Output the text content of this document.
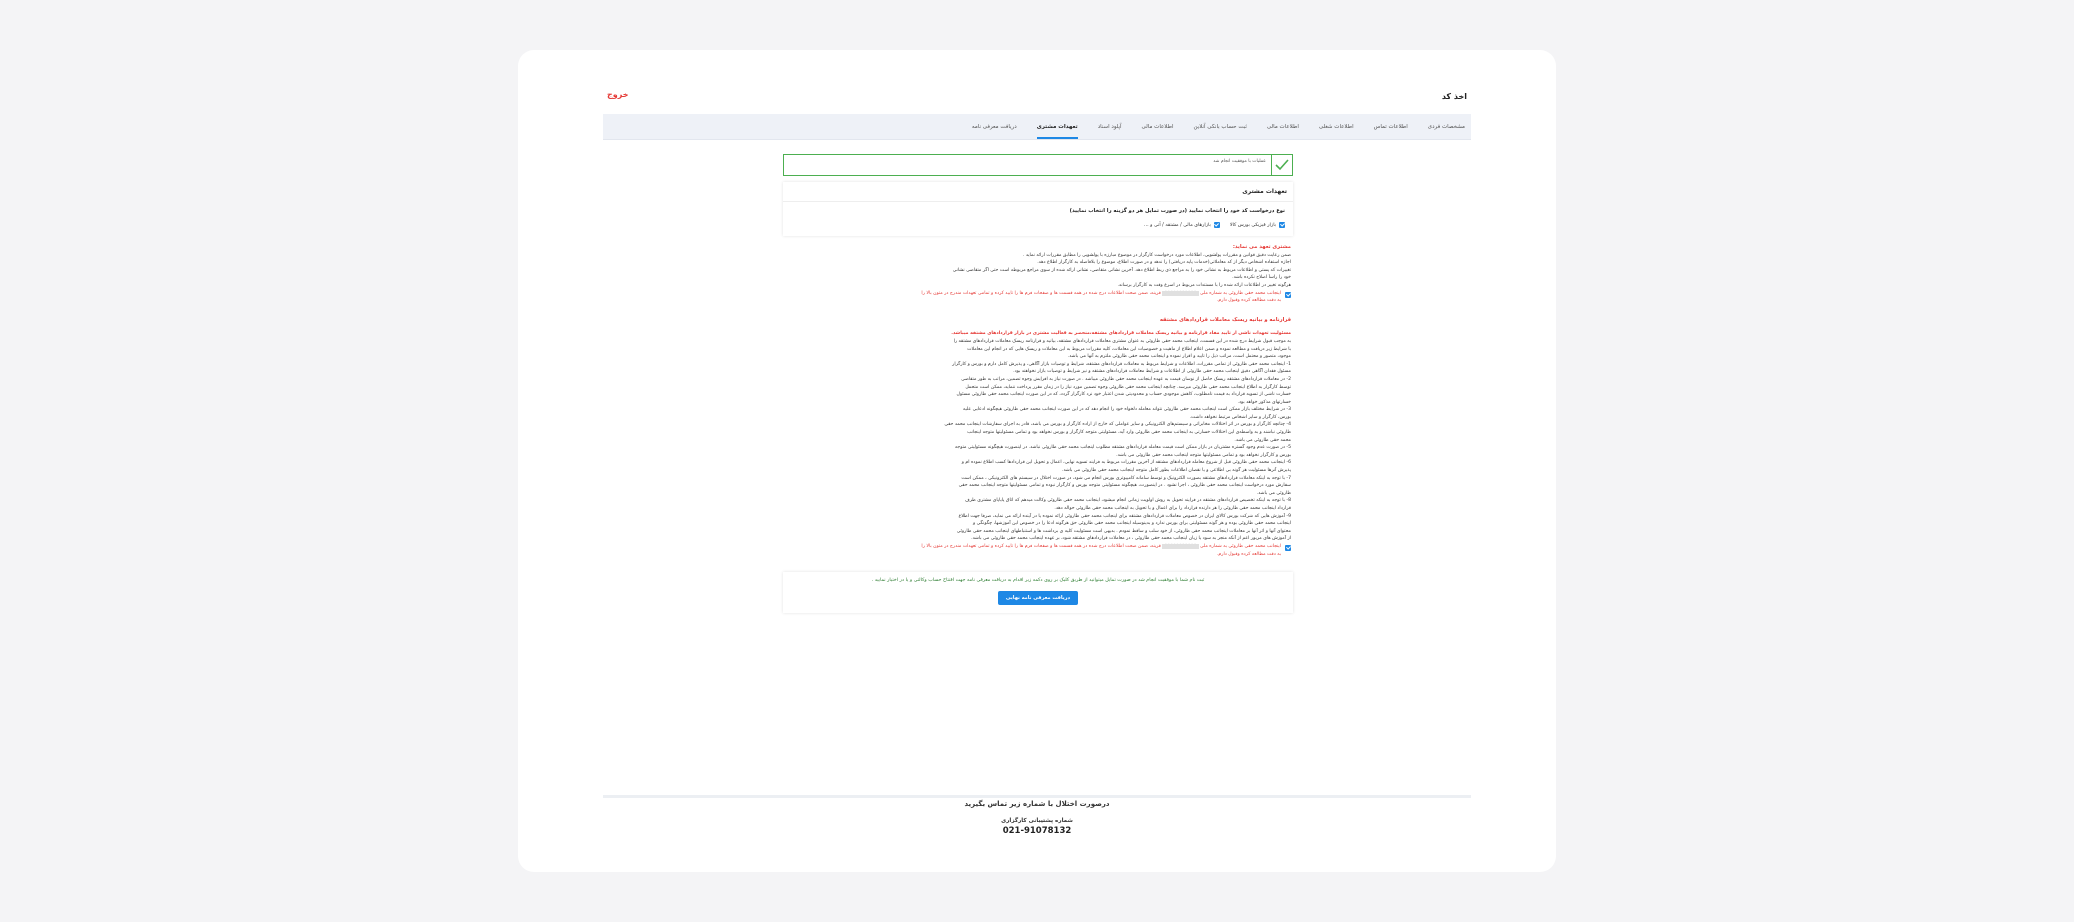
اخذ کد
خروج
مشخصات فردی
اطلاعات تماس
اطلاعات شغلی
اطلاعات مالی
ثبت حساب بانکی آنلاین
اطلاعات مالی
آپلود اسناد
تعهدات مشتری
دریافت معرفی نامه
عملیات با موفقیت انجام شد
تعهدات مشتری
نوع درخواست کد خود را انتخاب نمایید (در صورت تمایل هر دو گزینه را انتخاب نمایید)
بازار فیزیکی بورس کالا
بازارهای مالی / مشتقه / آتی و ...
مشتری تعهد می نماید:
ضمن رعایت دقیق قوانین و مقررات پولشویی، اطلاعات مورد درخواست کارگزار در موضوع مبارزه با پولشویی را مطابق مقررات ارائه نماید .
اجازه استفاده اشخاص دیگر از کد معاملاتی(خدمات پایه دریافتی) را ندهد و در صورت اطلاع، موضوع را بلافاصله به کارگزار اطلاع دهد.
تغییرات کد پستی و اطلاعات مربوط به نشانی خود را به مراجع ذی ربط اطلاع دهد. آخرین نشانی متقاضی، نشانی ارائه شده از سوی مراجع مربوطه است حتی اگر متقاضی نشانی
خود را راساً اصلاح نکرده باشد.
هرگونه تغییر در اطلاعات ارائه شده را با مستندات مربوط در اسرع وقت به کارگزار برساند.
اینجانب محمد حقی طاروئی به شماره ملی 00000000000 قرینه، ضمن صحت اطلاعات درج شده در همه قسمت ها و صفحات فرم ها را تایید کرده و تمامی تعهدات مندرج در متون بالا را
به دقت مطالعه کرده وقبول دارم.
قرارنامه و بیانیه ریسک معاملات قراردادهای مشتقه
مسئولیت تعهدات ناشی از تایید مفاد قرارنامه و بیانیه ریسک معاملات قراردادهای مشتقه،منحصر به فعالیت مشتری در بازار قراردادهای مشتقه میباشد.
به موجب قبول شرایط درج شده در این قسمت، اینجانب محمد حقی طاروئی به عنوان مشتری معاملات قراردادهای مشتقه، بیانیه و قرارنامه ریسک معاملات قراردادهای مشتقه را
با شرایط زیر دریافت و مطالعه نموده و ضمن اعلام اطلاع از ماهیت و خصوصیات این معاملات، کلیه مقررات مربوط به این معاملات و ریسک هایی که در انجام این معاملات
موجود، متصور و محتمل است، مراتب ذیل را تایید و اقرار نموده و اینجانب محمد حقی طاروئی ملتزم به آنها می باشد.
1- اینجانب محمد حقی طاروئی از تمامی مقررات، اطلاعات و شرایط مربوط به معاملات قراردادهای مشتقه، شرایط و توصیات بازار آگاهی، و پذیرش کامل دارم و بورس و کارگزار
مسئول فقدان آگاهی دقیق اینجانب محمد حقی طاروئی از اطلاعات و شرایط معاملات قراردادهای مشتقه و نیز شرایط و توصیات بازار نخواهند بود.
2- در معاملات قراردادهای مشتقه ریسک حاصل از نوسان قیمت به عهده اینجانب محمد حقی طاروئی میباشد . در صورت نیاز به افزایش وجوه تضمین، مراتب به طور متقاضی
توسط کارگزار به اطلاع اینجانب محمد حقی طاروئی میرسد. چنانچه اینجانب محمد حقی طاروئی وجوه تضمین مورد نیاز را در زمان مقرر پرداخت ننماید، ممکن است متحمل
خسارت ناشی از تسویه قرارداد به قیمت نامطلوب، کاهش موجودی حساب و محدودیتی شدن اعتبار خود نزد کارگزار گردد، که در این صورت اینجانب محمد حقی طاروئی مسئول
خسارتهای مذکور خواهد بود.
3- در شرایط مختلف بازار ممکن است اینجانب محمد حقی طاروئی نتواند معامله دلخواه خود را انجام دهد که در این صورت اینجانب محمد حقی طاروئی هیچگونه ادعایی علیه
بورس، کارگزار و سایر اشخاص مرتبط نخواهد داشت.
4- چنانچه کارگزار و بورس در اثر اختلالات مخابراتی و سیستم‌های الکترونیکی و سایر عواملی که خارج از اراده کارگزار و بورس می باشد، قادر به اجرای سفارشات اینجانب محمد حقی
طاروئی نباشند و به واسطه‌ی این اختلالات خسارتی به اینجانب محمد حقی طاروئی وارد آید، مسئولیتی متوجه کارگزار و بورس نخواهد بود و تمامی مسئولیتها متوجه اینجانب
محمد حقی طاروئی می باشد.
5- در صورت عدم وجود گستره مشتریان در بازار ممکن است قیمت معامله قراردادهای مشتقه مطلوب اینجانب محمد حقی طاروئی نباشد. در اینصورت هیچگونه مسئولیتی متوجه
بورس و کارگزار نخواهد بود و تمامی مسئولیتها متوجه اینجانب محمد حقی طاروئی می باشد.
6- اینجانب محمد حقی طاروئی قبل از شروع معامله قراردادهای مشتقه از آخرین مقررات مربوط به فرایند تسویه نهایی، اعمال و تحویل این قراردادها کسب اطلاع نموده ام و
پذیرش آنرها مسئولیت هر گونه بی اطلاعی و یا نقصان اطلاعات بطور کامل متوجه اینجانب محمد حقی طاروئی می باشد.
7- با توجه به اینکه معاملات قراردادهای مشتقه بصورت الکترونیک و توسط سامانه کامپیوتری بورس انجام می شود، در صورت اختلال در سیستم های الکترونیکی ، ممکن است
سفارش مورد درخواست اینجانب محمد حقی طاروئی ، اجرا نشود . در اینصورت، هیچگونه مسئولیتی متوجه بورس و کارگزار نبوده و تمامی مسئولیتها متوجه اینجانب محمد حقی
طاروئی می باشد.
8- با توجه به اینکه تخصیص قراردادهای مشتقه در فرایند تحویل به روش اولویت زمانی انجام میشود، اینجانب محمد حقی طاروئی وکالت میدهم که اتاق پایاپای مشتری طرف
قرارداد اینجانب محمد حقی طاروئی را هر دارنده قرارداد را برای اعمال و یا تحویل به اینجانب محمد حقی طاروئی حواله دهد.
9- آموزش هایی که شرکت بورس کالای ایران در خصوص معاملات قراردادهای مشتقه برای اینجانب محمد حقی طاروئی ارائه نموده یا در آینده ارائه می نماید، صرفا جهت اطلاع
اینجانب محمد حقی طاروئی بوده و هر گونه مسئولیتی برای بورس ندارد و بدینوسیله اینجانب محمد حقی طاروئی حق هرگونه ادعا را در خصوص این آموزشها، چگونگی و
محتوای آنها و اثر آنها بر معاملات اینجانب محمد حقی طاروئی، از خود سلب و ساقط نمودم . بدیهی است مسئولیت کلیه ی برداشت ها و استنباطهای اینجانب محمد حقی طاروئی
از آموزش های مزبور اعم از آنکه منجر به سود یا زیان اینجانب محمد حقی طاروئی ، در معاملات قراردادهای مشتقه شود، بر عهده اینجانب محمد حقی طاروئی می باشد.
اینجانب محمد حقی طاروئی به شماره ملی 00000000000 قرینه، ضمن صحت اطلاعات درج شده در همه قسمت ها و صفحات فرم ها را تایید کرده و تمامی تعهدات مندرج در متون بالا را
به دقت مطالعه کرده وقبول دارم.
ثبت نام شما با موفقیت انجام شد در صورت تمایل میتوانید از طریق کلیک بر روی دکمه زیر اقدام به دریافت معرفی نامه جهت افتتاح حساب وکالتی و یا در اختیار نمایید .
دریافت معرفی نامه نهایی
درصورت اختلال با شماره زیر تماس بگیرید
شماره پشتیبانی کارگزاری
021-91078132
